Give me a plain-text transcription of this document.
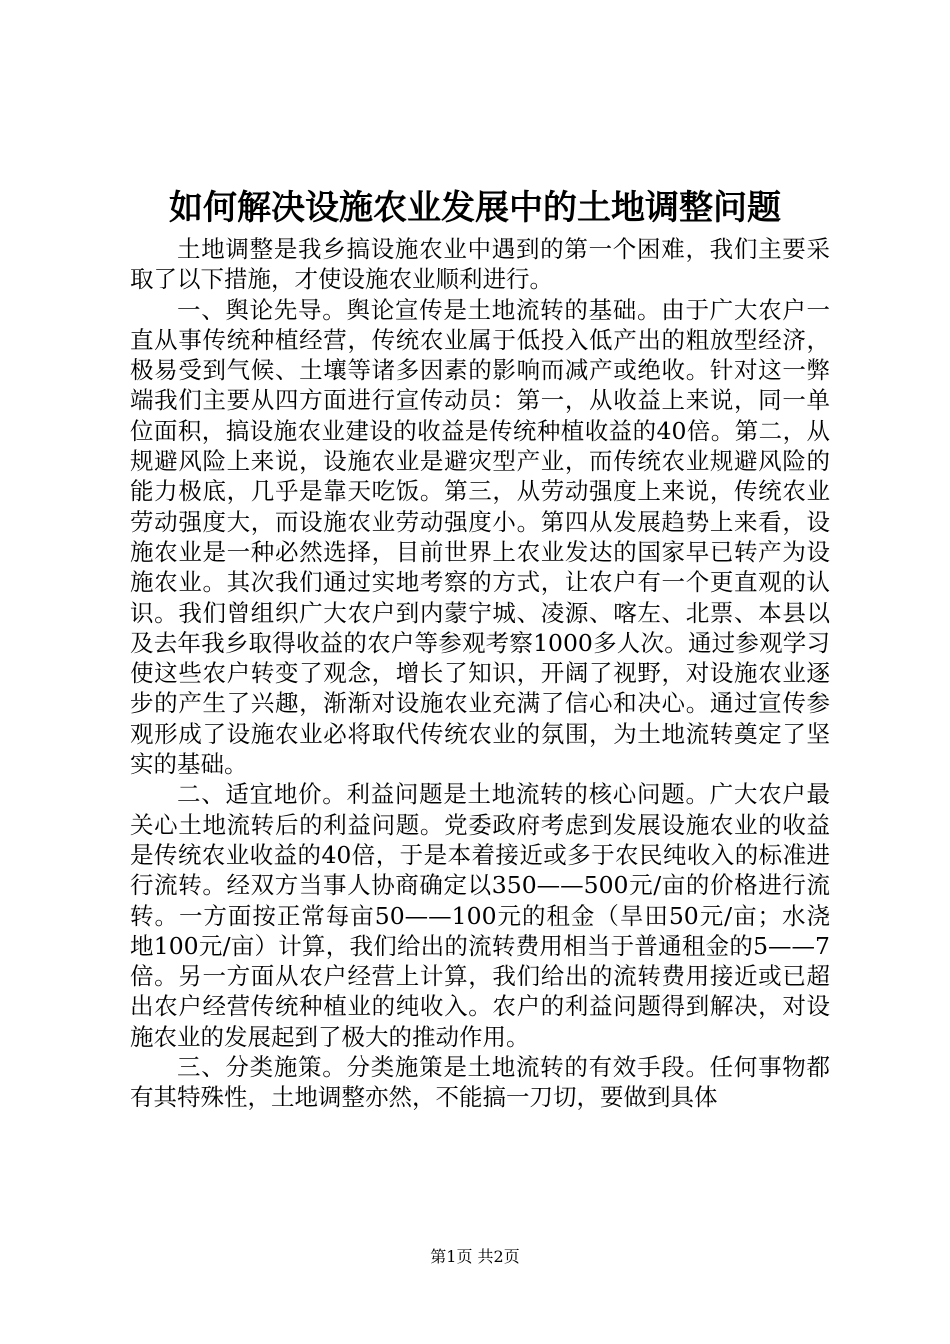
如何解决设施农业发展中的土地调整问题

土地调整是我乡搞设施农业中遇到的第一个困难，我们主要采取了以下措施，才使设施农业顺利进行。

一、舆论先导。舆论宣传是土地流转的基础。由于广大农户一直从事传统种植经营，传统农业属于低投入低产出的粗放型经济，极易受到气候、土壤等诸多因素的影响而减产或绝收。针对这一弊端我们主要从四方面进行宣传动员：第一，从收益上来说，同一单位面积，搞设施农业建设的收益是传统种植收益的40倍。第二，从规避风险上来说，设施农业是避灾型产业，而传统农业规避风险的能力极底，几乎是靠天吃饭。第三，从劳动强度上来说，传统农业劳动强度大，而设施农业劳动强度小。第四从发展趋势上来看，设施农业是一种必然选择，目前世界上农业发达的国家早已转产为设施农业。其次我们通过实地考察的方式，让农户有一个更直观的认识。我们曾组织广大农户到内蒙宁城、凌源、喀左、北票、本县以及去年我乡取得收益的农户等参观考察1000多人次。通过参观学习使这些农户转变了观念，增长了知识，开阔了视野，对设施农业逐步的产生了兴趣，渐渐对设施农业充满了信心和决心。通过宣传参观形成了设施农业必将取代传统农业的氛围，为土地流转奠定了坚实的基础。

二、适宜地价。利益问题是土地流转的核心问题。广大农户最关心土地流转后的利益问题。党委政府考虑到发展设施农业的收益是传统农业收益的40倍，于是本着接近或多于农民纯收入的标准进行流转。经双方当事人协商确定以350——500元/亩的价格进行流转。一方面按正常每亩50——100元的租金（旱田50元/亩；水浇地100元/亩）计算，我们给出的流转费用相当于普通租金的5——7倍。另一方面从农户经营上计算，我们给出的流转费用接近或已超出农户经营传统种植业的纯收入。农户的利益问题得到解决，对设施农业的发展起到了极大的推动作用。

三、分类施策。分类施策是土地流转的有效手段。任何事物都有其特殊性，土地调整亦然，不能搞一刀切，要做到具体

第1页 共2页
